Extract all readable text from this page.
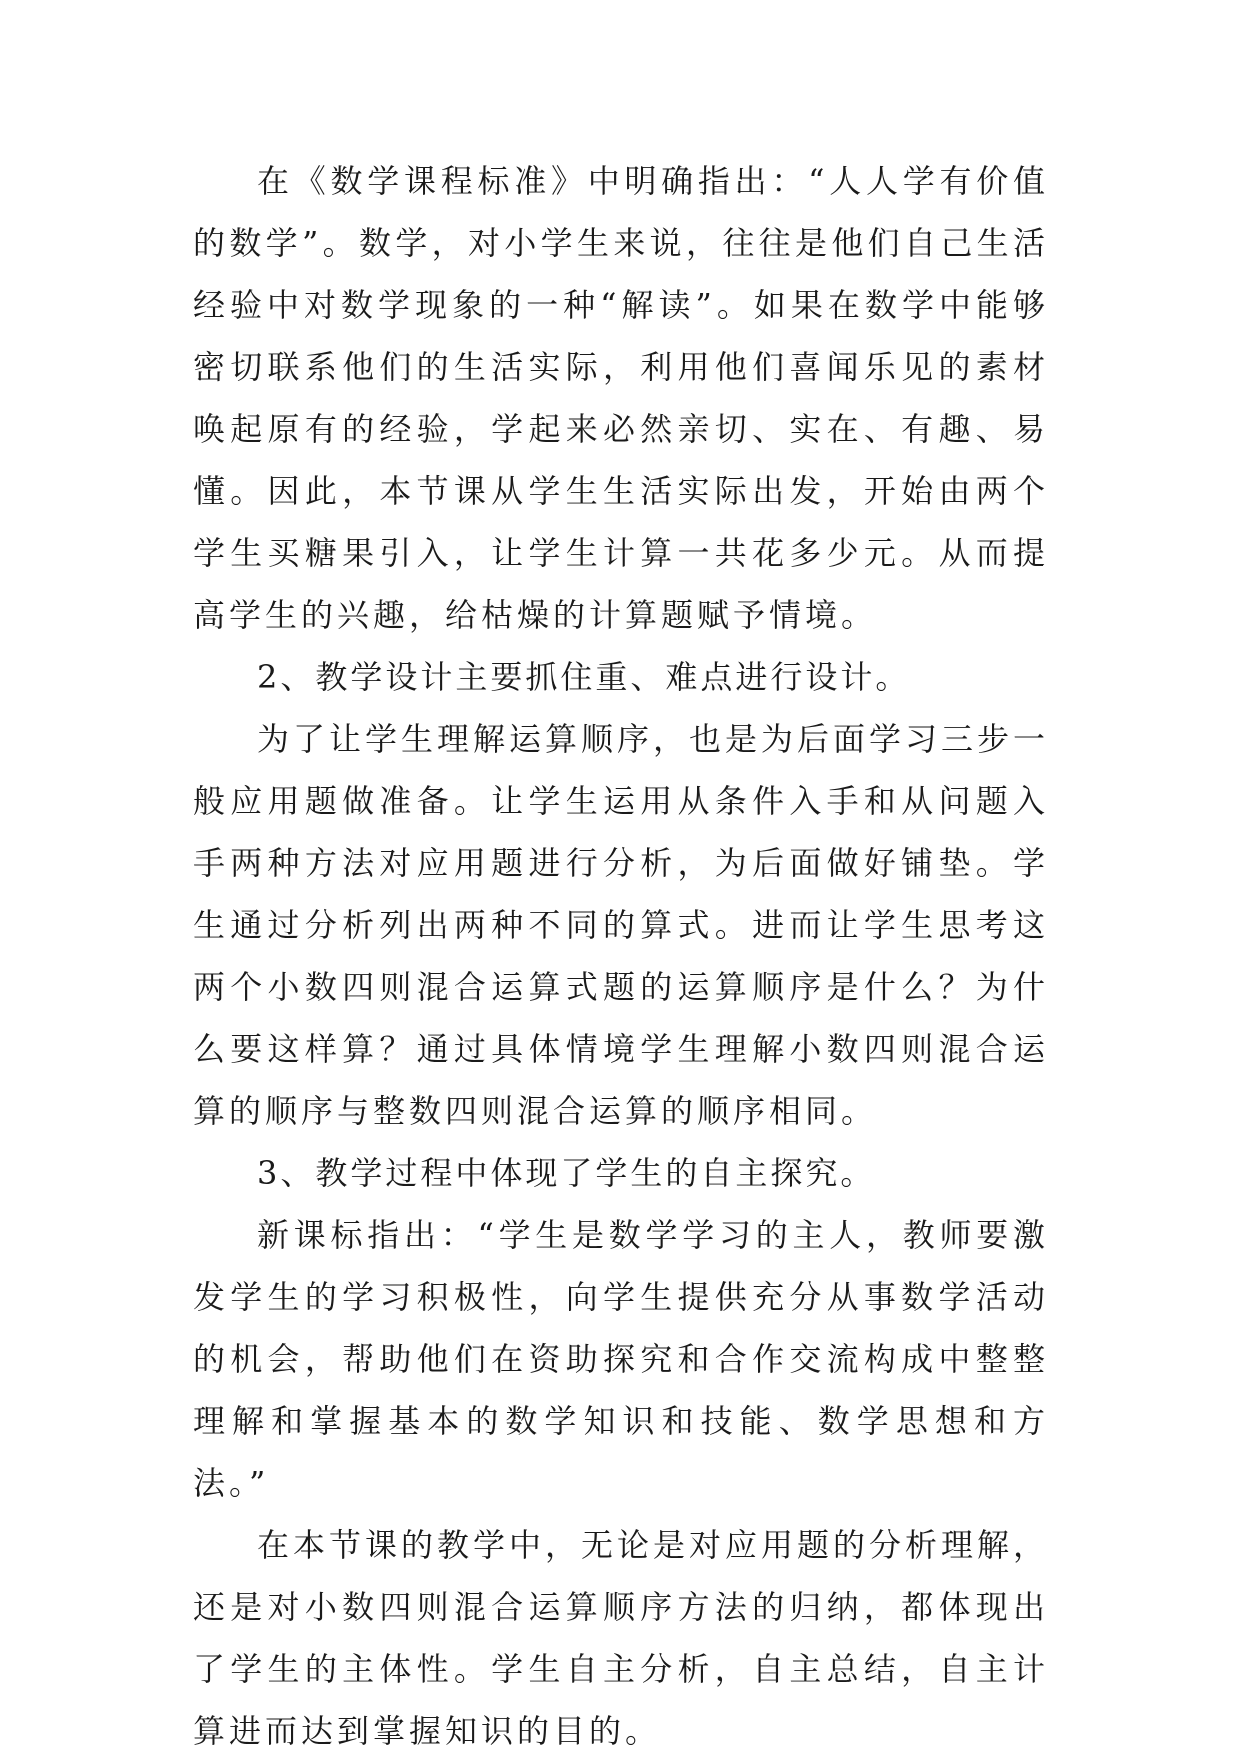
在《数学课程标准》中明确指出：“人人学有价值的数学”。数学，对小学生来说，往往是他们自己生活经验中对数学现象的一种“解读”。如果在数学中能够密切联系他们的生活实际，利用他们喜闻乐见的素材唤起原有的经验，学起来必然亲切、实在、有趣、易懂。因此，本节课从学生生活实际出发，开始由两个学生买糖果引入，让学生计算一共花多少元。从而提高学生的兴趣，给枯燥的计算题赋予情境。

2、教学设计主要抓住重、难点进行设计。

为了让学生理解运算顺序，也是为后面学习三步一般应用题做准备。让学生运用从条件入手和从问题入手两种方法对应用题进行分析，为后面做好铺垫。学生通过分析列出两种不同的算式。进而让学生思考这两个小数四则混合运算式题的运算顺序是什么？为什么要这样算？通过具体情境学生理解小数四则混合运算的顺序与整数四则混合运算的顺序相同。

3、教学过程中体现了学生的自主探究。

新课标指出：“学生是数学学习的主人，教师要激发学生的学习积极性，向学生提供充分从事数学活动的机会，帮助他们在资助探究和合作交流构成中整整理解和掌握基本的数学知识和技能、数学思想和方法。”

在本节课的教学中，无论是对应用题的分析理解，还是对小数四则混合运算顺序方法的归纳，都体现出了学生的主体性。学生自主分析，自主总结，自主计算进而达到掌握知识的目的。
